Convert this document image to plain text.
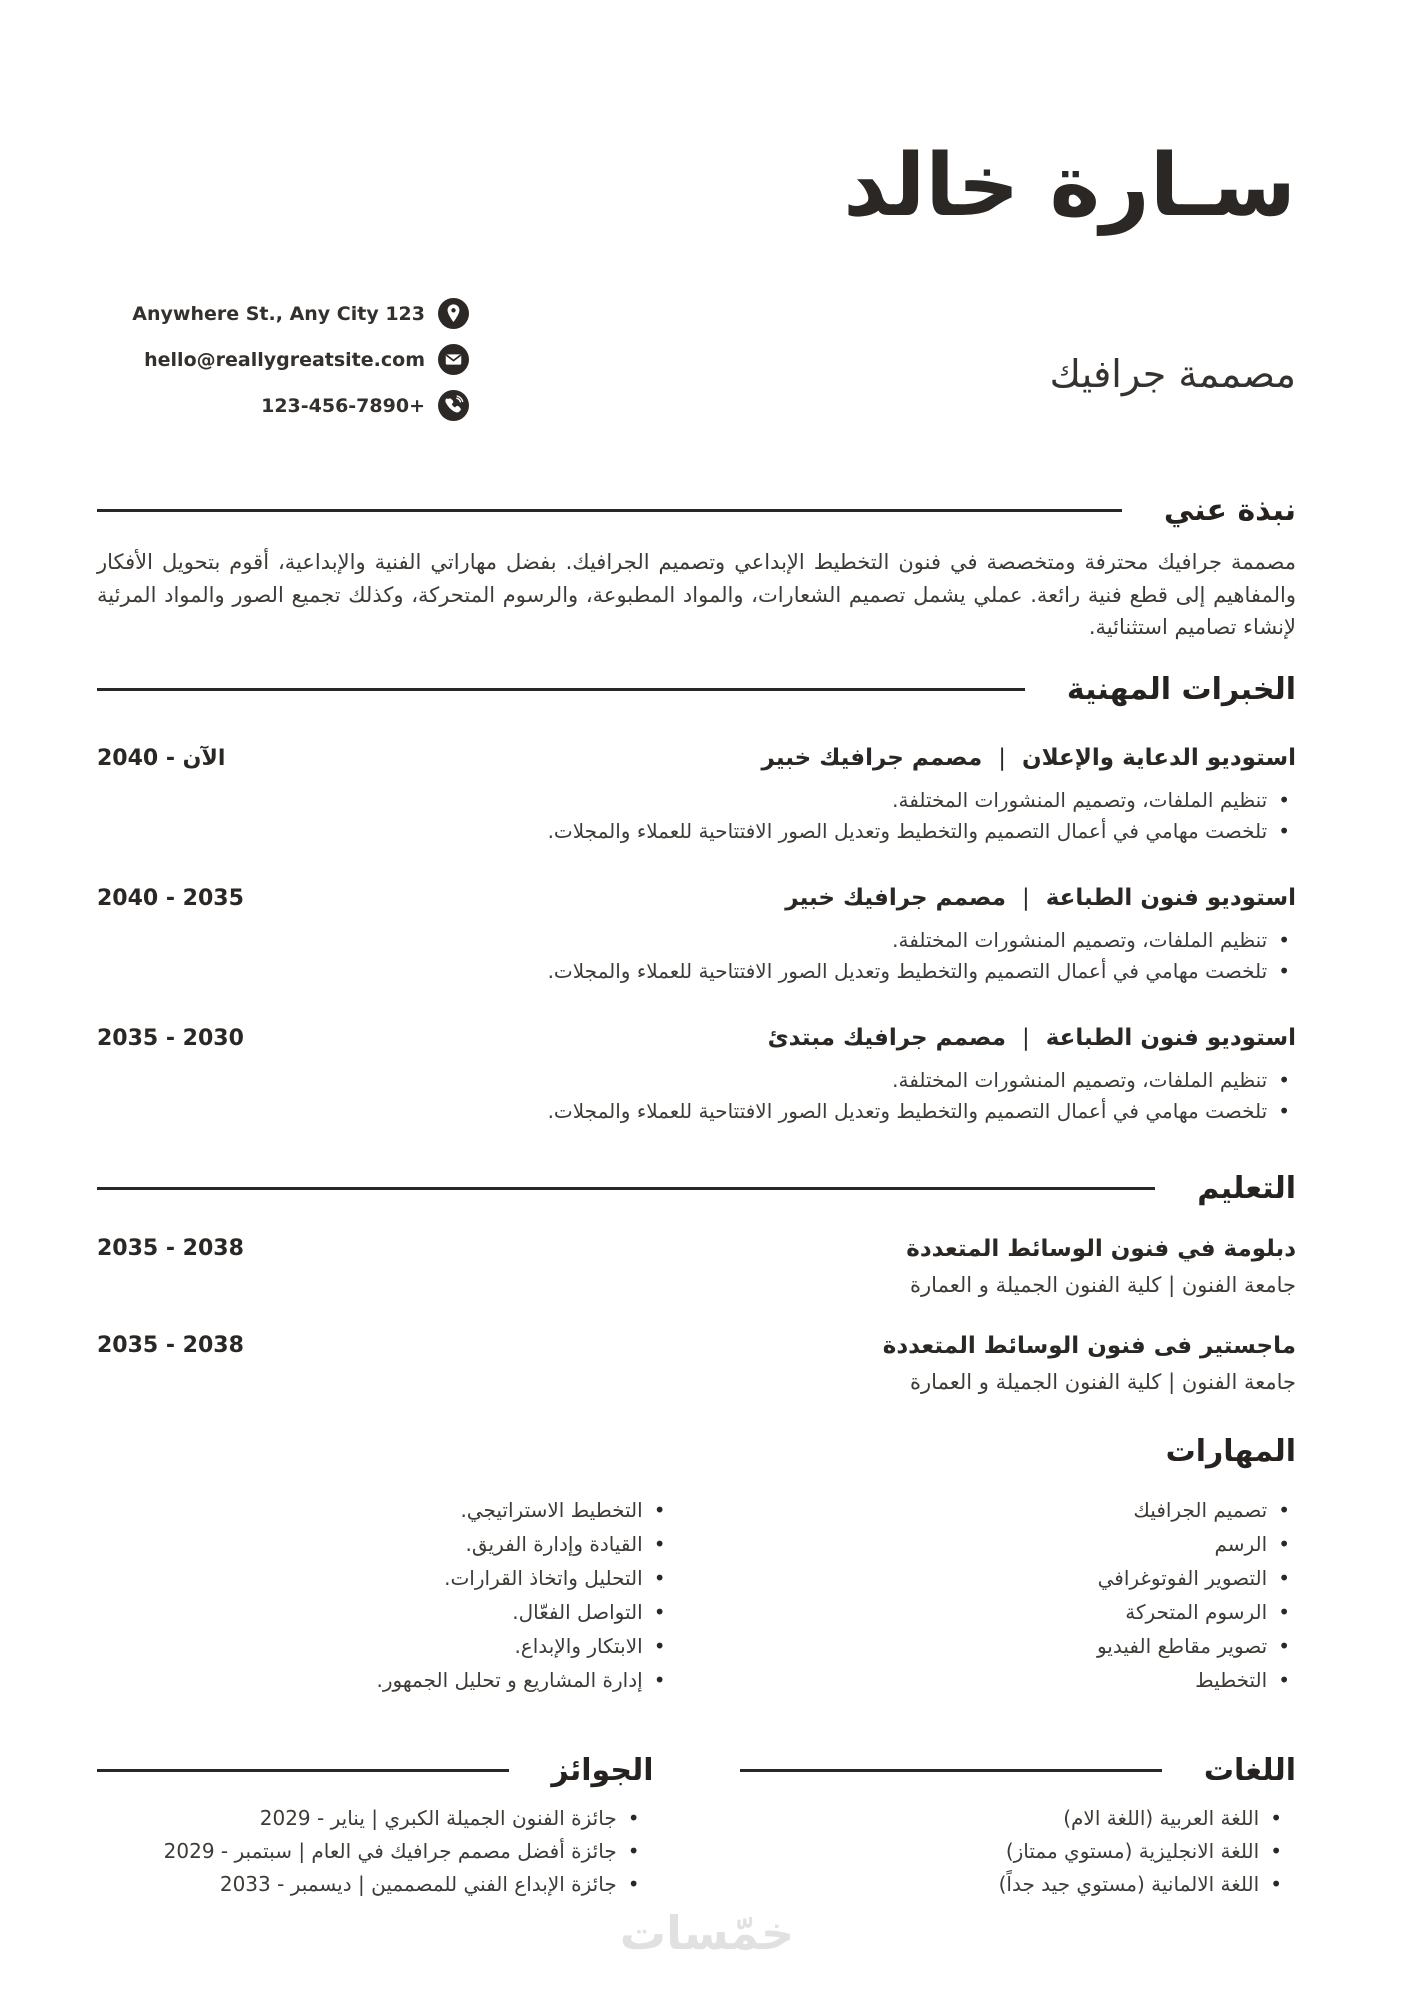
سـارة خالد
مصممة جرافيك
Anywhere St., Any City 123
hello@reallygreatsite.com
123-456-7890+
نبذة عني

مصممة جرافيك محترفة ومتخصصة في فنون التخطيط الإبداعي وتصميم الجرافيك. بفضل مهاراتي الفنية والإبداعية، أقوم بتحويل الأفكار والمفاهيم إلى قطع فنية رائعة. عملي يشمل تصميم الشعارات، والمواد المطبوعة، والرسوم المتحركة، وكذلك تجميع الصور والمواد المرئية لإنشاء تصاميم استثنائية.

الخبرات المهنية
استوديو الدعاية والإعلان|مصمم جرافيك خبير
الآن - 2040
• تنظيم الملفات، وتصميم المنشورات المختلفة.
• تلخصت مهامي في أعمال التصميم والتخطيط وتعديل الصور الافتتاحية للعملاء والمجلات.
استوديو فنون الطباعة|مصمم جرافيك خبير
2040 - 2035
• تنظيم الملفات، وتصميم المنشورات المختلفة.
• تلخصت مهامي في أعمال التصميم والتخطيط وتعديل الصور الافتتاحية للعملاء والمجلات.
استوديو فنون الطباعة|مصمم جرافيك مبتدئ
2035 - 2030
• تنظيم الملفات، وتصميم المنشورات المختلفة.
• تلخصت مهامي في أعمال التصميم والتخطيط وتعديل الصور الافتتاحية للعملاء والمجلات.
التعليم
دبلومة في فنون الوسائط المتعددة
جامعة الفنون | كلية الفنون الجميلة و العمارة
2035 - 2038
ماجستير فى فنون الوسائط المتعددة
جامعة الفنون | كلية الفنون الجميلة و العمارة
2035 - 2038
المهارات
• تصميم الجرافيك
• الرسم
• التصوير الفوتوغرافي
• الرسوم المتحركة
• تصوير مقاطع الفيديو
• التخطيط
• التخطيط الاستراتيجي.
• القيادة وإدارة الفريق.
• التحليل واتخاذ القرارات.
• التواصل الفعّال.
• الابتكار والإبداع.
• إدارة المشاريع و تحليل الجمهور.
اللغات
• اللغة العربية (اللغة الام)
• اللغة الانجليزية (مستوي ممتاز)
• اللغة الالمانية (مستوي جيد جداً)
الجوائز
• جائزة الفنون الجميلة الكبري | يناير - 2029
• جائزة أفضل مصمم جرافيك في العام | سبتمبر - 2029
• جائزة الإبداع الفني للمصممين | ديسمبر - 2033
خمّسات
